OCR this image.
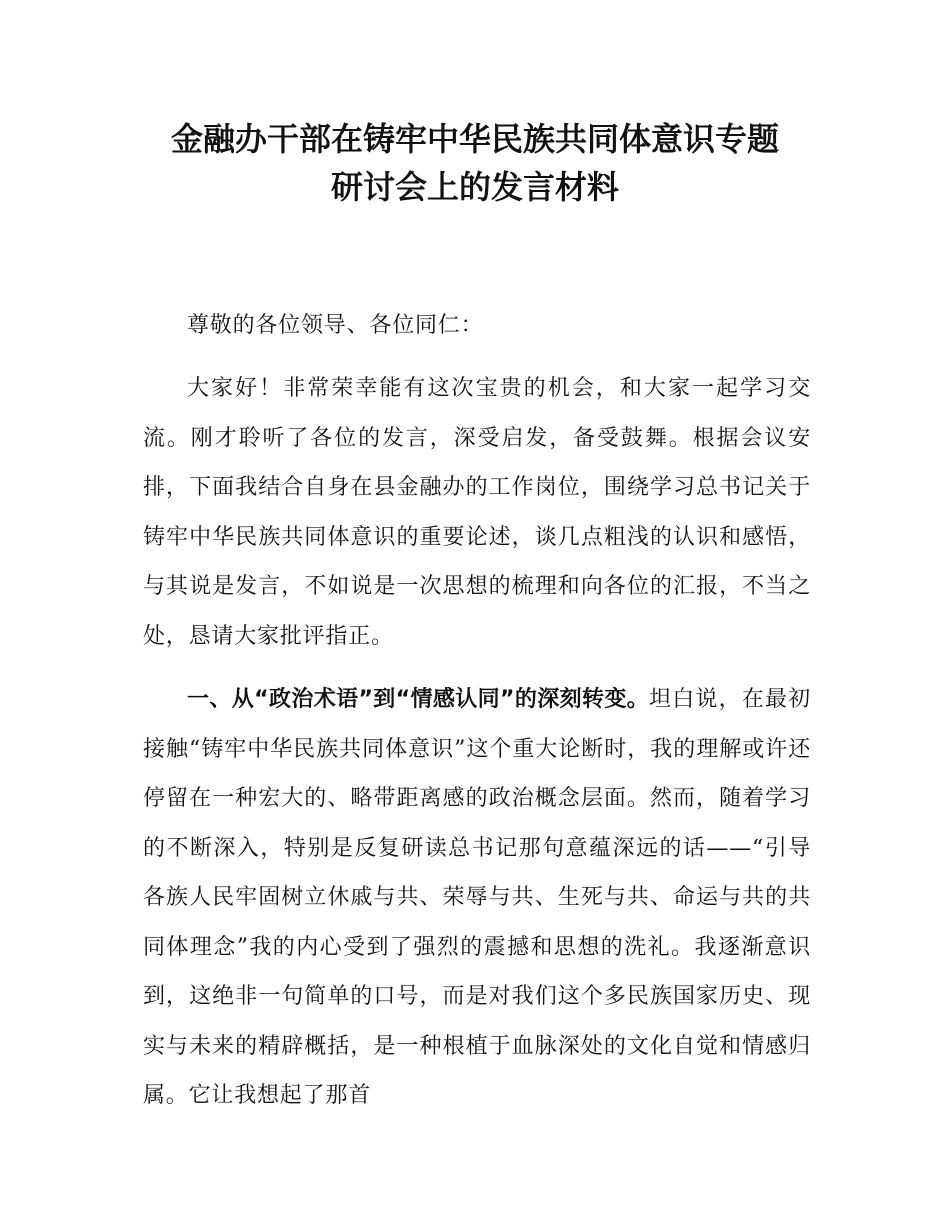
金融办干部在铸牢中华民族共同体意识专题
研讨会上的发言材料

尊敬的各位领导、各位同仁：

大家好！非常荣幸能有这次宝贵的机会，和大家一起学习交流。刚才聆听了各位的发言，深受启发，备受鼓舞。根据会议安排，下面我结合自身在县金融办的工作岗位，围绕学习总书记关于铸牢中华民族共同体意识的重要论述，谈几点粗浅的认识和感悟，与其说是发言，不如说是一次思想的梳理和向各位的汇报，不当之处，恳请大家批评指正。

一、从“政治术语”到“情感认同”的深刻转变。坦白说，在最初接触“铸牢中华民族共同体意识”这个重大论断时，我的理解或许还停留在一种宏大的、略带距离感的政治概念层面。然而，随着学习的不断深入，特别是反复研读总书记那句意蕴深远的话——“引导各族人民牢固树立休戚与共、荣辱与共、生死与共、命运与共的共同体理念”我的内心受到了强烈的震撼和思想的洗礼。我逐渐意识到，这绝非一句简单的口号，而是对我们这个多民族国家历史、现实与未来的精辟概括，是一种根植于血脉深处的文化自觉和情感归属。它让我想起了那首
